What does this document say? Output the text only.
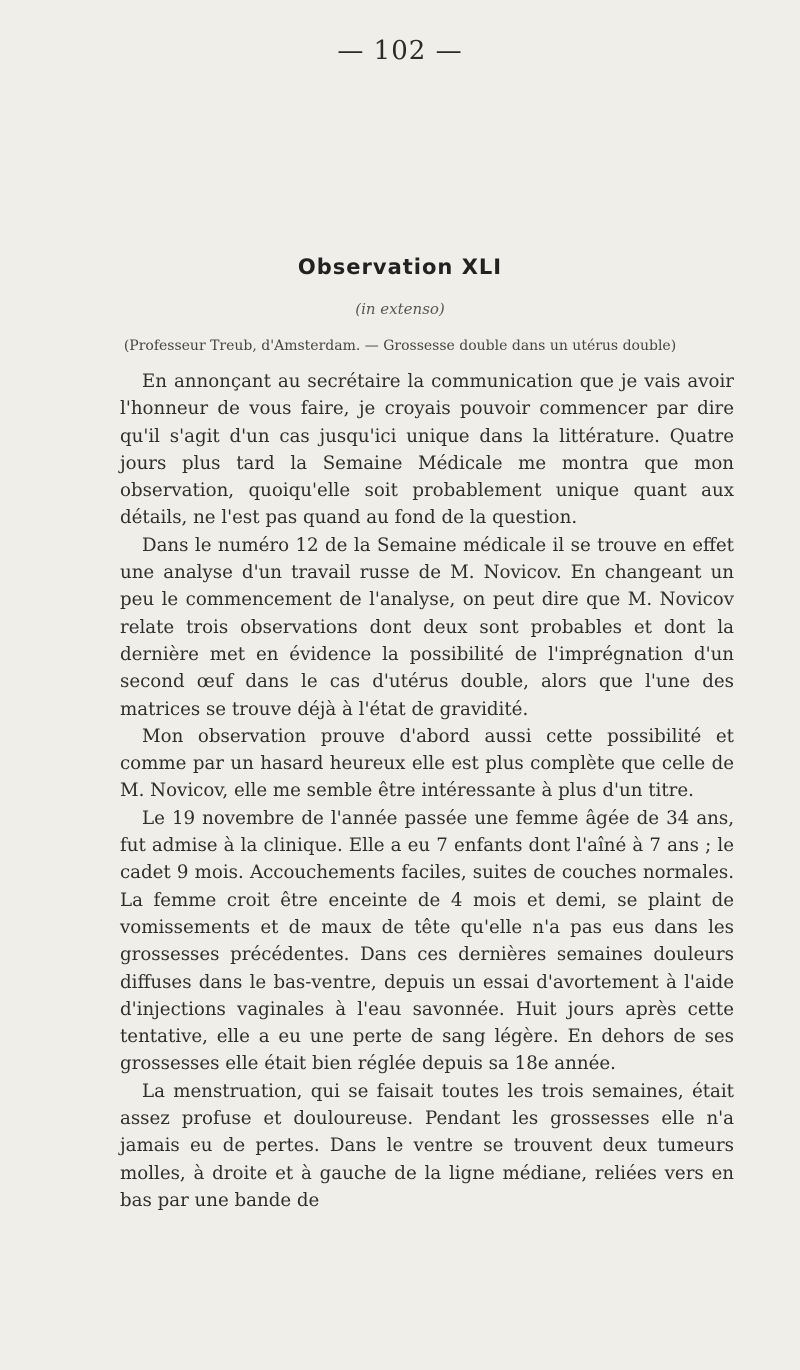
— 102 —
Observation XLI
(in extenso)
(Professeur Treub, d'Amsterdam. — Grossesse double dans un utérus double)

En annonçant au secrétaire la communication que je vais avoir l'honneur de vous faire, je croyais pouvoir commencer par dire qu'il s'agit d'un cas jusqu'ici unique dans la littérature. Quatre jours plus tard la Semaine Médicale me montra que mon observation, quoiqu'elle soit probablement unique quant aux détails, ne l'est pas quand au fond de la question.

Dans le numéro 12 de la Semaine médicale il se trouve en effet une analyse d'un travail russe de M. Novicov. En changeant un peu le commencement de l'analyse, on peut dire que M. Novicov relate trois observations dont deux sont probables et dont la dernière met en évidence la possibilité de l'imprégnation d'un second œuf dans le cas d'utérus double, alors que l'une des matrices se trouve déjà à l'état de gravidité.

Mon observation prouve d'abord aussi cette possibilité et comme par un hasard heureux elle est plus complète que celle de M. Novicov, elle me semble être intéressante à plus d'un titre.

Le 19 novembre de l'année passée une femme âgée de 34 ans, fut admise à la clinique. Elle a eu 7 enfants dont l'aîné à 7 ans ; le cadet 9 mois. Accouchements faciles, suites de couches normales. La femme croit être enceinte de 4 mois et demi, se plaint de vomissements et de maux de tête qu'elle n'a pas eus dans les grossesses précédentes. Dans ces dernières semaines douleurs diffuses dans le bas-ventre, depuis un essai d'avortement à l'aide d'injections vaginales à l'eau savonnée. Huit jours après cette tentative, elle a eu une perte de sang légère. En dehors de ses grossesses elle était bien réglée depuis sa 18e année.

La menstruation, qui se faisait toutes les trois semaines, était assez profuse et douloureuse. Pendant les grossesses elle n'a jamais eu de pertes. Dans le ventre se trouvent deux tumeurs molles, à droite et à gauche de la ligne médiane, reliées vers en bas par une bande de
